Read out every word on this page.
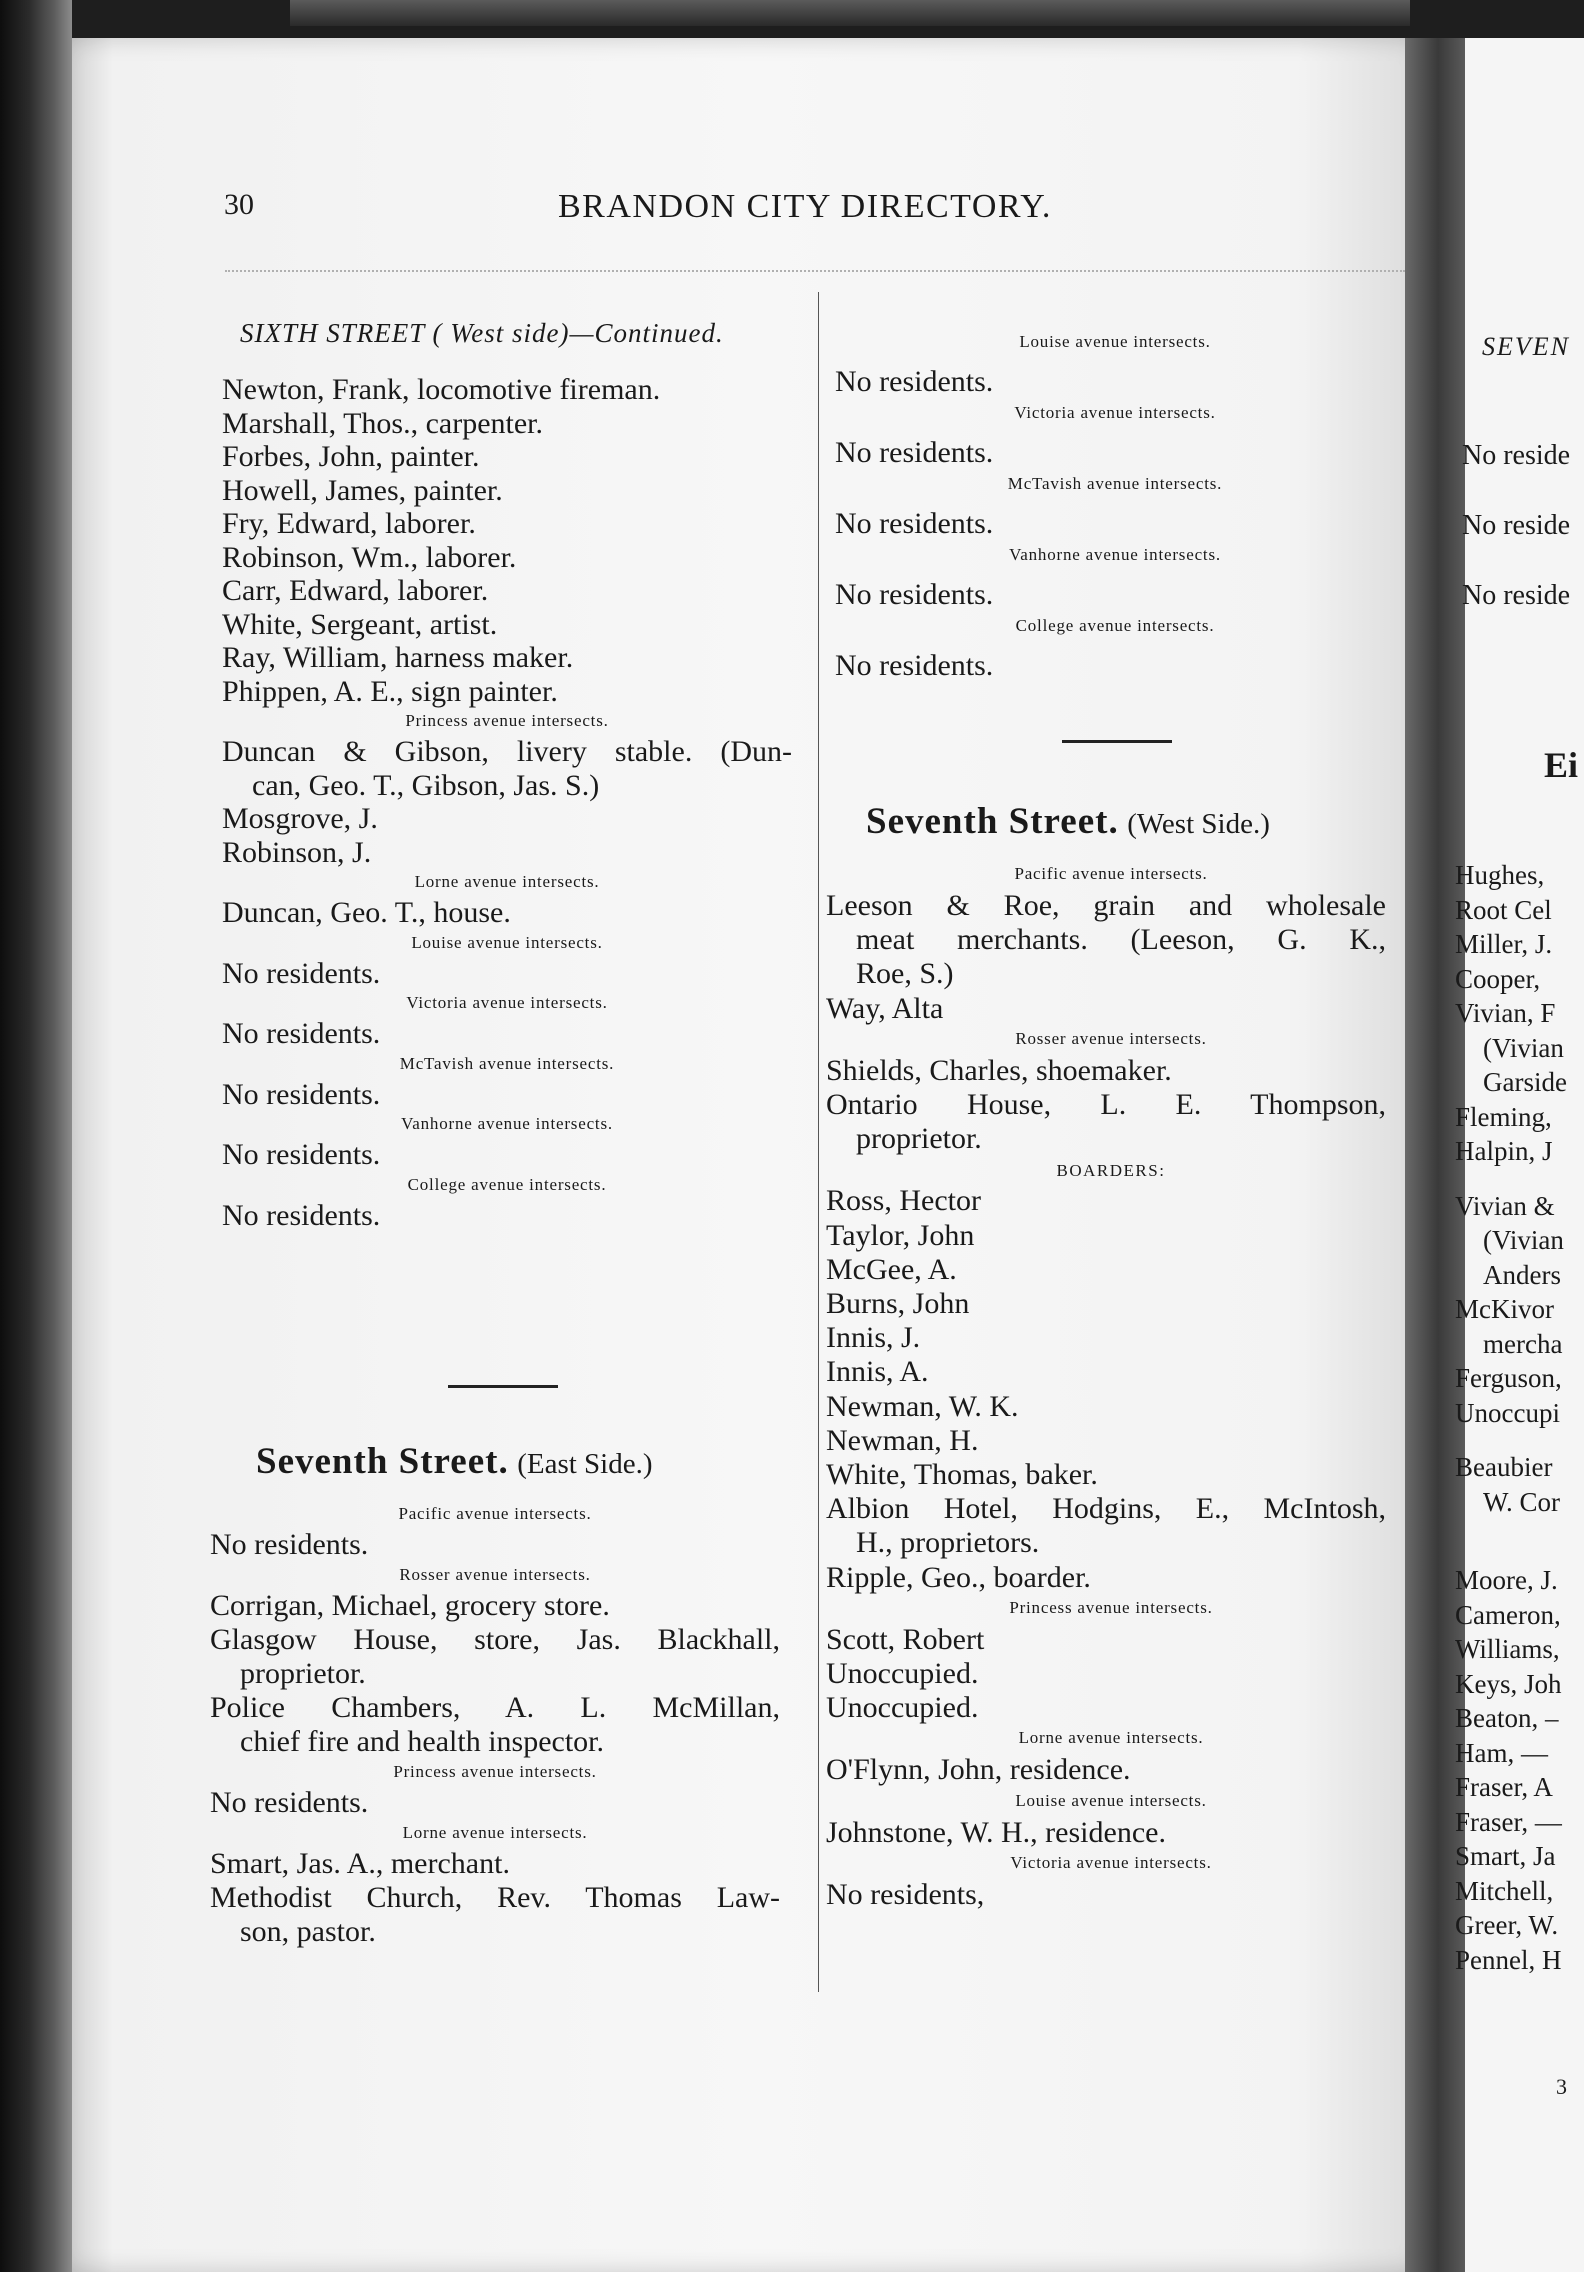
30	BRANDON CITY DIRECTORY.
SIXTH STREET ( West side)—Continued.
Newton, Frank, locomotive fireman.
Marshall, Thos., carpenter.
Forbes, John, painter.
Howell, James, painter.
Fry, Edward, laborer.
Robinson, Wm., laborer.
Carr, Edward, laborer.
White, Sergeant, artist.
Ray, William, harness maker.
Phippen, A. E., sign painter.
Princess avenue intersects.
Duncan & Gibson, livery stable. (Dun-
can, Geo. T., Gibson, Jas. S.)
Mosgrove, J.
Robinson, J.
Lorne avenue intersects.
Duncan, Geo. T., house.
Louise avenue intersects.
No residents.
Victoria avenue intersects.
No residents.
McTavish avenue intersects.
No residents.
Vanhorne avenue intersects.
No residents.
College avenue intersects.
No residents.
Seventh Street. (East Side.)
Pacific avenue intersects.
No residents.
Rosser avenue intersects.
Corrigan, Michael, grocery store.
Glasgow House, store, Jas. Blackhall,
proprietor.
Police Chambers, A. L. McMillan,
chief fire and health inspector.
Princess avenue intersects.
No residents.
Lorne avenue intersects.
Smart, Jas. A., merchant.
Methodist Church, Rev. Thomas Law-
son, pastor.
Louise avenue intersects.
No residents.
Victoria avenue intersects.
No residents.
McTavish avenue intersects.
No residents.
Vanhorne avenue intersects.
No residents.
College avenue intersects.
No residents.
Seventh Street. (West Side.)
Pacific avenue intersects.
Leeson & Roe, grain and wholesale
meat merchants. (Leeson, G. K.,
Roe, S.)
Way, Alta
Rosser avenue intersects.
Shields, Charles, shoemaker.
Ontario House, L. E. Thompson,
proprietor.
BOARDERS:
Ross, Hector
Taylor, John
McGee, A.
Burns, John
Innis, J.
Innis, A.
Newman, W. K.
Newman, H.
White, Thomas, baker.
Albion Hotel, Hodgins, E., McIntosh,
H., proprietors.
Ripple, Geo., boarder.
Princess avenue intersects.
Scott, Robert
Unoccupied.
Unoccupied.
Lorne avenue intersects.
O'Flynn, John, residence.
Louise avenue intersects.
Johnstone, W. H., residence.
Victoria avenue intersects.
No residents,
SEVEN
No reside
No reside
No reside
Ei
Hughes,
Root Cel
Miller, J.
Cooper,
Vivian, F
(Vivian
Garside
Fleming,
Halpin, J
Vivian &
(Vivian
Anders
McKivor
mercha
Ferguson,
Unoccupi
Beaubier
W. Cor
Moore, J.
Cameron,
Williams,
Keys, Joh
Beaton, –
Ham, —
Fraser, A
Fraser, —
Smart, Ja
Mitchell,
Greer, W.
Pennel, H
3
